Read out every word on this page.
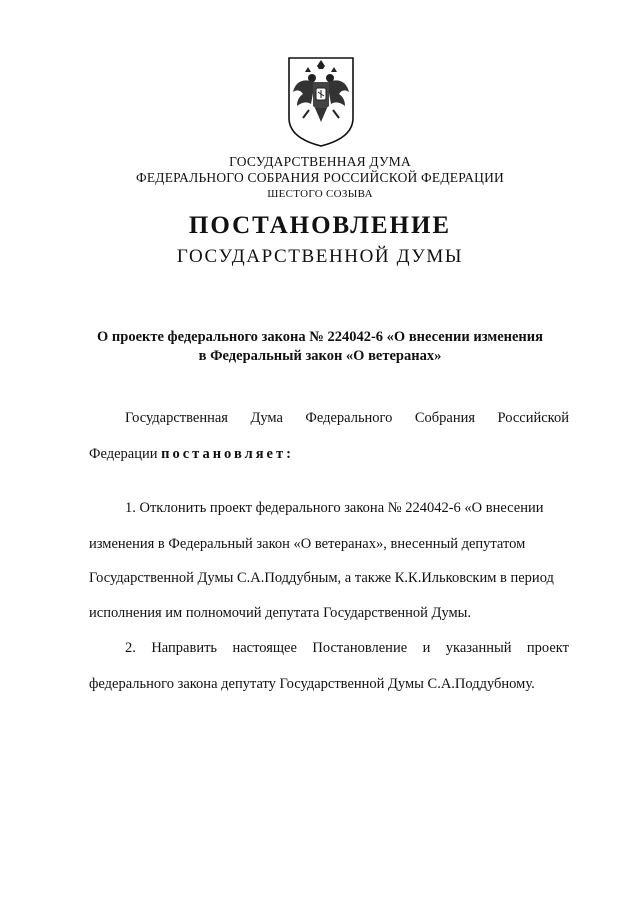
ГОСУДАРСТВЕННАЯ ДУМА
ФЕДЕРАЛЬНОГО СОБРАНИЯ РОССИЙСКОЙ ФЕДЕРАЦИИ
ШЕСТОГО СОЗЫВА
ПОСТАНОВЛЕНИЕ
ГОСУДАРСТВЕННОЙ ДУМЫ
О проекте федерального закона № 224042-6 «О внесении изменения
в Федеральный закон «О ветеранах»
Государственная Дума Федерального Собрания Российской
Федерации постановляет:
1. Отклонить проект федерального закона № 224042-6 «О внесении
изменения в Федеральный закон «О ветеранах», внесенный депутатом
Государственной Думы С.А.Поддубным, а также К.К.Ильковским в период
исполнения им полномочий депутата Государственной Думы.
2. Направить настоящее Постановление и указанный проект
федерального закона депутату Государственной Думы С.А.Поддубному.
